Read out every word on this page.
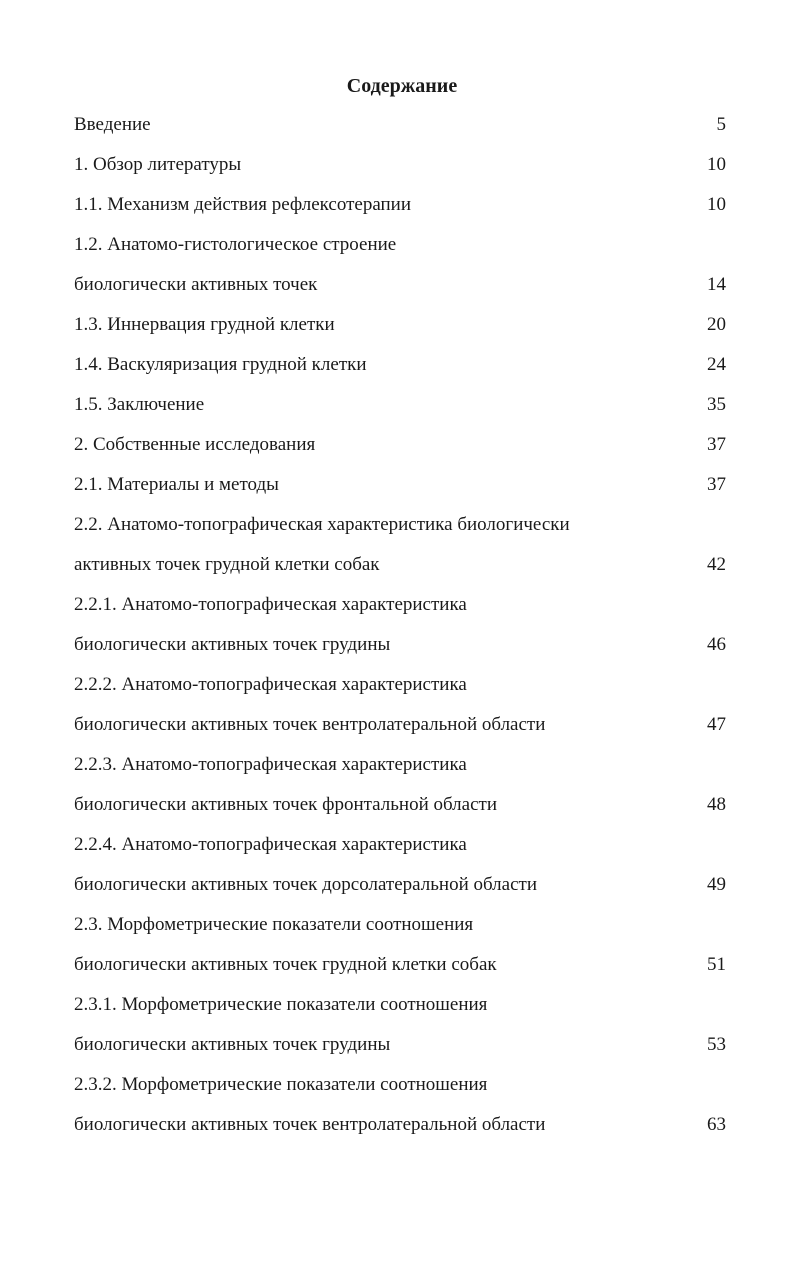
Содержание
Введение	5
1. Обзор литературы	10
1.1. Механизм действия рефлексотерапии	10
1.2. Анатомо-гистологическое строение
биологически активных точек	14
1.3. Иннервация грудной клетки	20
1.4. Васкуляризация грудной клетки	24
1.5. Заключение	35
2. Собственные исследования	37
2.1. Материалы и методы	37
2.2. Анатомо-топографическая характеристика биологически
активных точек грудной клетки собак	42
2.2.1. Анатомо-топографическая характеристика
биологически активных точек грудины	46
2.2.2. Анатомо-топографическая характеристика
биологически активных точек вентролатеральной области	47
2.2.3. Анатомо-топографическая характеристика
биологически активных точек фронтальной области	48
2.2.4. Анатомо-топографическая характеристика
биологически активных точек дорсолатеральной области	49
2.3. Морфометрические показатели соотношения
биологически активных точек грудной клетки собак	51
2.3.1. Морфометрические показатели соотношения
биологически активных точек грудины	53
2.3.2. Морфометрические показатели соотношения
биологически активных точек вентролатеральной области	63
